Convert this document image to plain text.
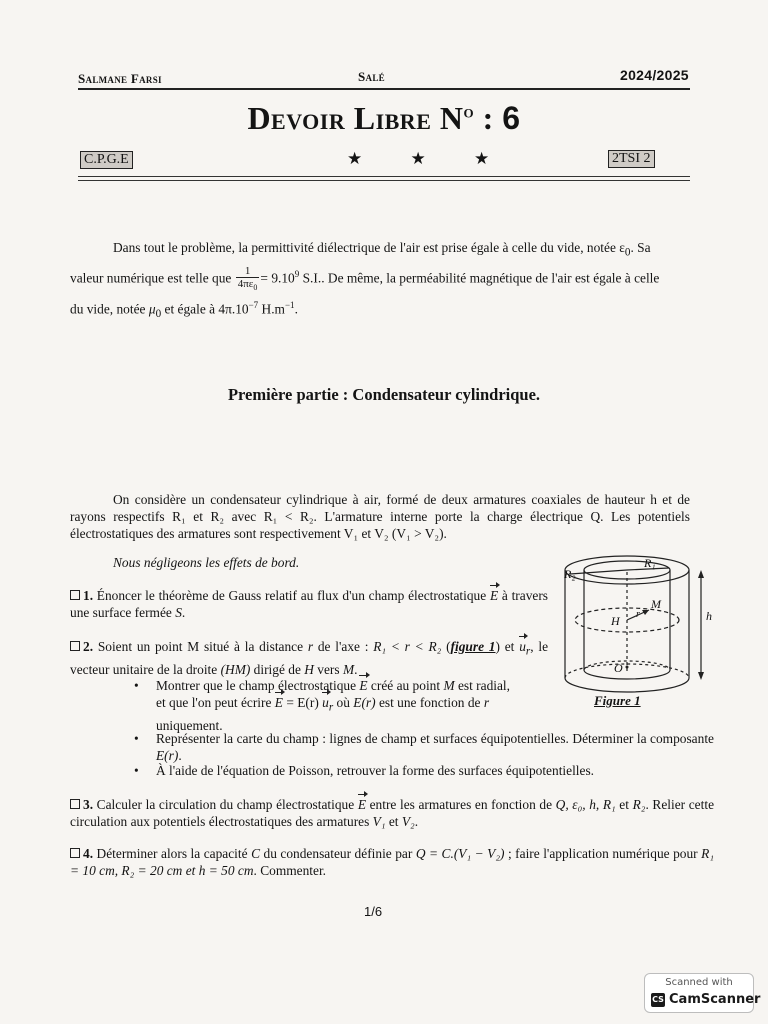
Salmane Farsi	Salé	2024/2025
Devoir Libre $N^o$ : 6
C.P.G.E	★ ★ ★	2TSI 2
Dans tout le problème, la permittivité diélectrique de l'air est prise égale à celle du vide, notée $\varepsilon_0$. Sa
valeur numérique est telle que $\frac{1}{4\pi\varepsilon_0} = 9.10^9$ S.I.. De même, la perméabilité magnétique de l'air est égale à celle
du vide, notée $\mu_0$ et égale à $4\pi.10^{-7}$ $H.m^{-1}$.
Première partie : Condensateur cylindrique.
On considère un condensateur cylindrique à air, formé de deux armatures coaxiales de hauteur h et de rayons respectifs R₁ et R₂ avec R₁ < R₂. L'armature interne porte la charge électrique Q. Les potentiels électrostatiques des armatures sont respectivement V₁ et V₂ (V₁ > V₂).
Nous négligeons les effets de bord.
1. Énoncer le théorème de Gauss relatif au flux d'un champ électrostatique E à travers une surface fermée S.
2. Soient un point M situé à la distance r de l'axe : R₁ < r < R₂ (figure 1) et $u_r$, le vecteur unitaire de la droite (HM) dirigé de H vers M.
• Montrer que le champ électrostatique E créé au point M est radial,
et que l'on peut écrire E = E(r) $u_r$ où E(r) est une fonction de r
uniquement.
• Représenter la carte du champ : lignes de champ et surfaces équipotentielles. Déterminer la composante E(r).
• À l'aide de l'équation de Poisson, retrouver la forme des surfaces équipotentielles.
3. Calculer la circulation du champ électrostatique E entre les armatures en fonction de Q, ε₀, h, R₁ et R₂. Relier cette circulation aux potentiels électrostatiques des armatures V₁ et V₂.
4. Déterminer alors la capacité C du condensateur définie par Q = C.(V₁ − V₂) ; faire l'application numérique pour R₁ = 10 cm, R₂ = 20 cm et h = 50 cm. Commenter.
R₂
R₁
M
H r
O
h
Figure 1
1/6
Scanned with
CS CamScanner
